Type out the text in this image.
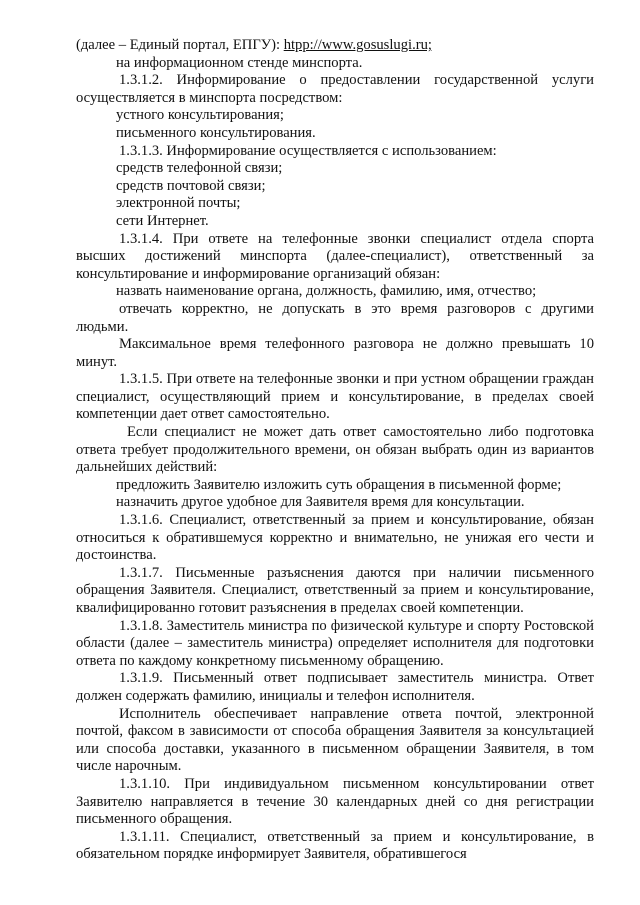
(далее – Единый портал, ЕПГУ): htpp://www.gosuslugi.ru;

на информационном стенде минспорта.

1.3.1.2. Информирование о предоставлении государственной услуги осуществляется в минспорта посредством:

устного консультирования;

письменного консультирования.

1.3.1.3. Информирование осуществляется с использованием:

средств телефонной связи;

средств почтовой связи;

электронной почты;

сети Интернет.

1.3.1.4. При ответе на телефонные звонки специалист отдела спорта высших достижений минспорта (далее-специалист), ответственный за консультирование и информирование организаций обязан:

назвать наименование органа, должность, фамилию, имя, отчество;

отвечать корректно, не допускать в это время разговоров с другими людьми.

Максимальное время телефонного разговора не должно превышать 10 минут.

1.3.1.5. При ответе на телефонные звонки и при устном обращении граждан специалист, осуществляющий прием и консультирование, в пределах своей компетенции дает ответ самостоятельно.

Если специалист не может дать ответ самостоятельно либо подготовка ответа требует продолжительного времени, он обязан выбрать один из вариантов дальнейших действий:

предложить Заявителю изложить суть обращения в письменной форме;

назначить другое удобное для Заявителя время для консультации.

1.3.1.6. Специалист, ответственный за прием и консультирование, обязан относиться к обратившемуся корректно и внимательно, не унижая его чести и достоинства.

1.3.1.7. Письменные разъяснения даются при наличии письменного обращения Заявителя. Специалист, ответственный за прием и консультирование, квалифицированно готовит разъяснения в пределах своей компетенции.

1.3.1.8. Заместитель министра по физической культуре и спорту Ростовской области (далее – заместитель министра) определяет исполнителя для подготовки ответа по каждому конкретному письменному обращению.

1.3.1.9. Письменный ответ подписывает заместитель министра. Ответ должен содержать фамилию, инициалы и телефон исполнителя.

Исполнитель обеспечивает направление ответа почтой, электронной почтой, факсом в зависимости от способа обращения Заявителя за консультацией или способа доставки, указанного в письменном обращении Заявителя, в том числе нарочным.

1.3.1.10. При индивидуальном письменном консультировании ответ Заявителю направляется в течение 30 календарных дней со дня регистрации письменного обращения.

1.3.1.11. Специалист, ответственный за прием и консультирование, в обязательном порядке информирует Заявителя, обратившегося
